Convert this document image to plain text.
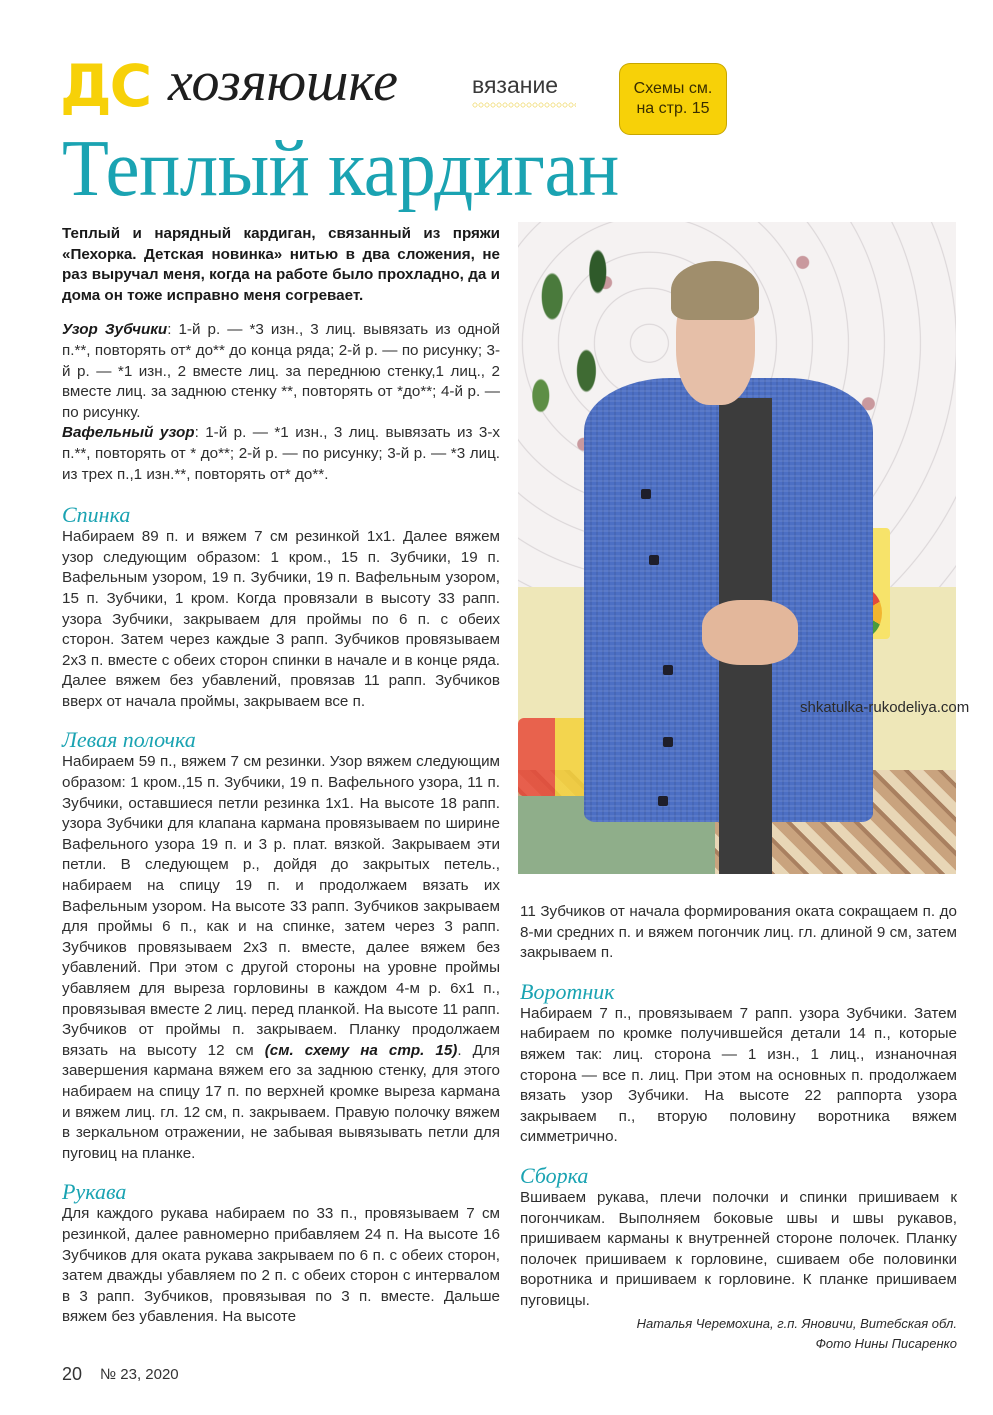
ДС хозяюшке	вязание	Схемы см.
на стр. 15
Теплый кардиган

Теплый и нарядный кардиган, связанный из пряжи «Пехорка. Детская новинка» нитью в два сложения, не раз выручал меня, когда на работе было прохладно, да и дома он тоже исправно меня согревает.

Узор Зубчики: 1-й р. — *3 изн., 3 лиц. вывязать из одной п.**, повторять от* до** до конца ряда; 2-й р. — по рисунку; 3-й р. — *1 изн., 2 вместе лиц. за переднюю стенку,1 лиц., 2 вместе лиц. за заднюю стенку **, повторять от *до**; 4-й р. — по рисунку.

Вафельный узор: 1-й р. — *1 изн., 3 лиц. вывязать из 3-х п.**, повторять от * до**; 2-й р. — по рисунку; 3-й р. — *3 лиц. из трех п.,1 изн.**, повторять от* до**.

Спинка

Набираем 89 п. и вяжем 7 см резинкой 1х1. Далее вяжем узор следующим образом: 1 кром., 15 п. Зубчики, 19 п. Вафельным узором, 19 п. Зубчики, 19 п. Вафельным узором, 15 п. Зубчики, 1 кром. Когда провязали в высоту 33 рапп. узора Зубчики, закрываем для проймы по 6 п. с обеих сторон. Затем через каждые 3 рапп. Зубчиков провязываем 2х3 п. вместе с обеих сторон спинки в начале и в конце ряда. Далее вяжем без убавлений, провязав 11 рапп. Зубчиков вверх от начала проймы, закрываем все п.

Левая полочка

Набираем 59 п., вяжем 7 см резинки. Узор вяжем следующим образом: 1 кром.,15 п. Зубчики, 19 п. Вафельного узора, 11 п. Зубчики, оставшиеся петли резинка 1х1. На высоте 18 рапп. узора Зубчики для клапана кармана провязываем по ширине Вафельного узора 19 п. и 3 р. плат. вязкой. Закрываем эти петли. В следующем р., дойдя до закрытых петель., набираем на спицу 19 п. и продолжаем вязать их Вафельным узором. На высоте 33 рапп. Зубчиков закрываем для проймы 6 п., как и на спинке, затем через 3 рапп. Зубчиков провязываем 2х3 п. вместе, далее вяжем без убавлений. При этом с другой стороны на уровне проймы убавляем для выреза горловины в каждом 4-м р. 6х1 п., провязывая вместе 2 лиц. перед планкой. На высоте 11 рапп. Зубчиков от проймы п. закрываем. Планку продолжаем вязать на высоту 12 см (см. схему на стр. 15). Для завершения кармана вяжем его за заднюю стенку, для этого набираем на спицу 17 п. по верхней кромке выреза кармана и вяжем лиц. гл. 12 см, п. закрываем. Правую полочку вяжем в зеркальном отражении, не забывая вывязывать петли для пуговиц на планке.

Рукава

Для каждого рукава набираем по 33 п., провязываем 7 см резинкой, далее равномерно прибавляем 24 п. На высоте 16 Зубчиков для оката рукава закрываем по 6 п. с обеих сторон, затем дважды убавляем по 2 п. с обеих сторон с интервалом в 3 рапп. Зубчиков, провязывая по 3 п. вместе. Дальше вяжем без убавления. На высоте

shkatulka-rukodeliya.com

11 Зубчиков от начала формирования оката сокращаем п. до 8-ми средних п. и вяжем погончик лиц. гл. длиной 9 см, затем закрываем п.

Воротник

Набираем 7 п., провязываем 7 рапп. узора Зубчики. Затем набираем по кромке получившейся детали 14 п., которые вяжем так: лиц. сторона — 1 изн., 1 лиц., изнаночная сторона — все п. лиц. При этом на основных п. продолжаем вязать узор Зубчики. На высоте 22 раппорта узора закрываем п., вторую половину воротника вяжем симметрично.

Сборка

Вшиваем рукава, плечи полочки и спинки пришиваем к погончикам. Выполняем боковые швы и швы рукавов, пришиваем карманы к внутренней стороне полочек. Планку полочек пришиваем к горловине, сшиваем обе половинки воротника и пришиваем к горловине. К планке пришиваем пуговицы.

Наталья Черемохина, г.п. Яновичи, Витебская обл.

Фото Нины Писаренко

20 № 23, 2020
